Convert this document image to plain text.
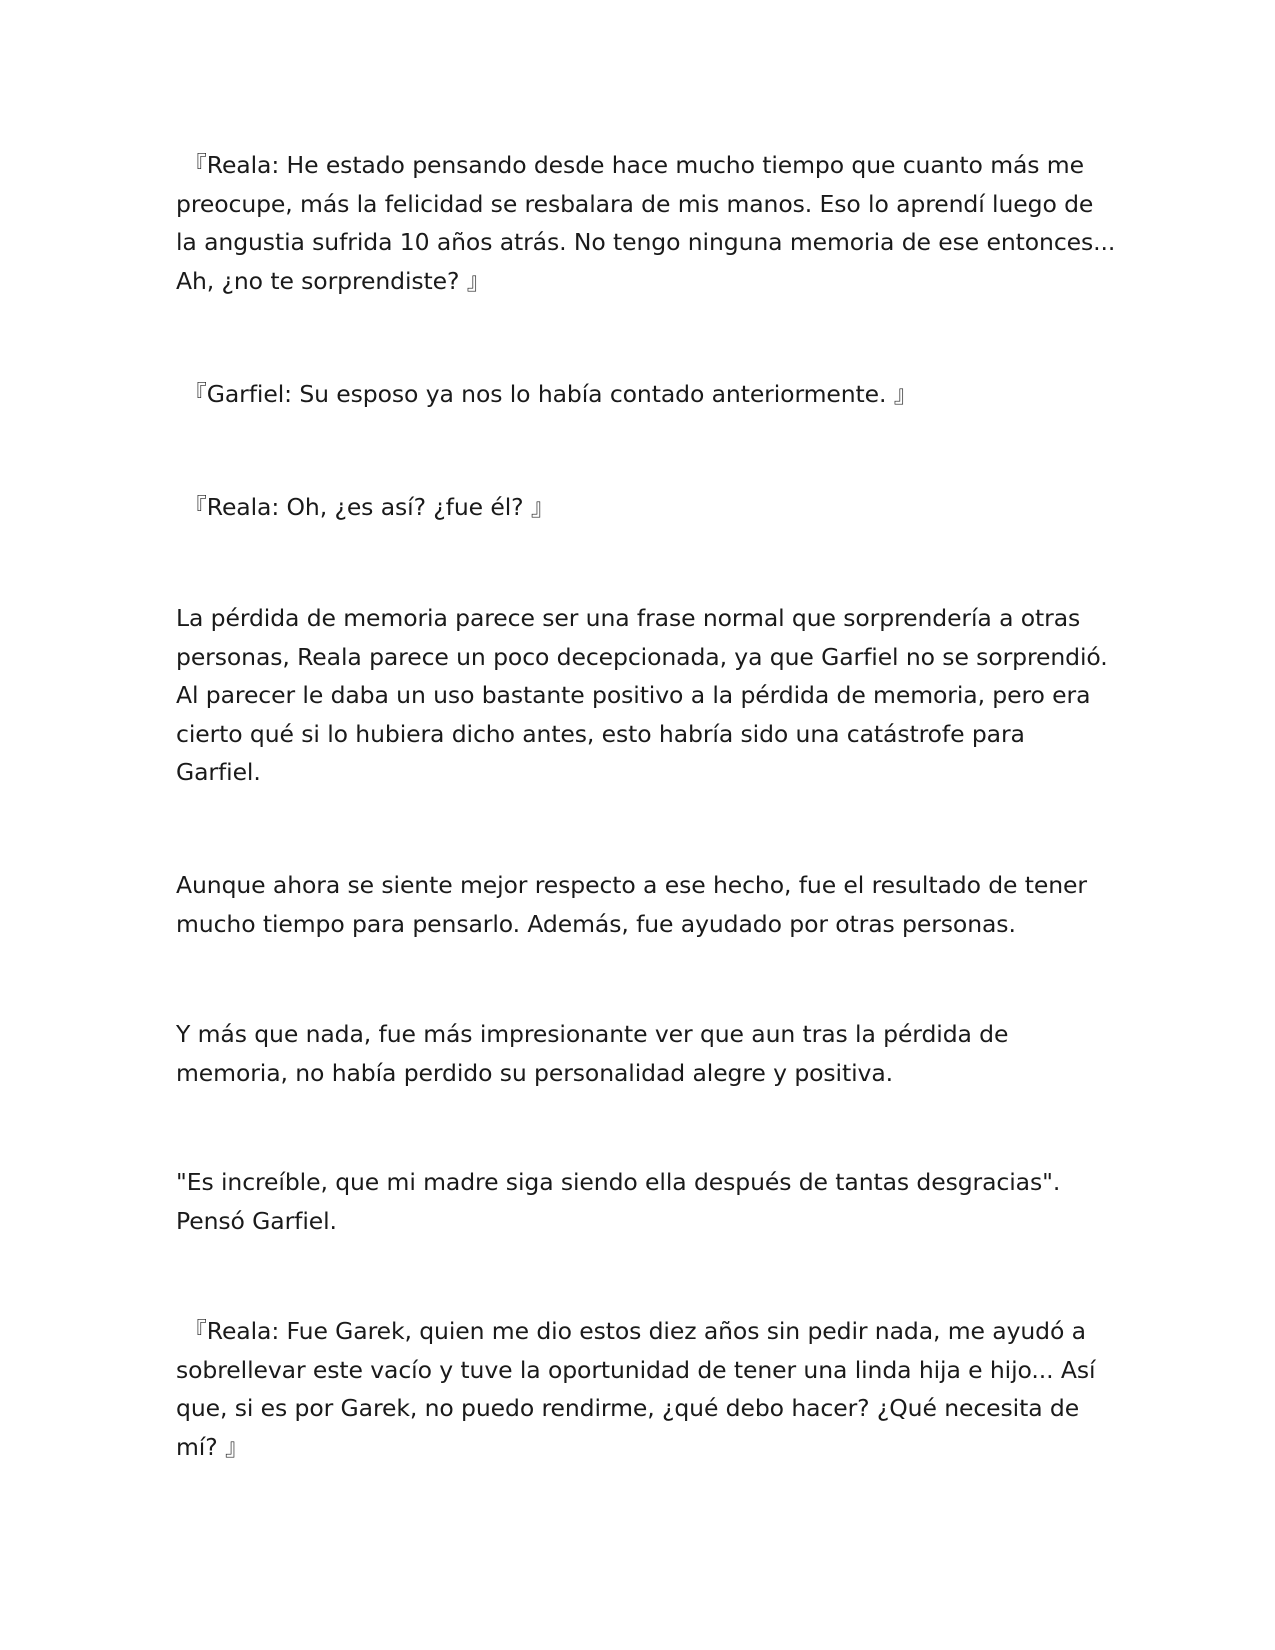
『Reala: He estado pensando desde hace mucho tiempo que cuanto más me preocupe, más la felicidad se resbalara de mis manos. Eso lo aprendí luego de la angustia sufrida 10 años atrás. No tengo ninguna memoria de ese entonces... Ah, ¿no te sorprendiste? 』

『Garfiel: Su esposo ya nos lo había contado anteriormente. 』

『Reala: Oh, ¿es así? ¿fue él? 』

La pérdida de memoria parece ser una frase normal que sorprendería a otras personas, Reala parece un poco decepcionada, ya que Garfiel no se sorprendió. Al parecer le daba un uso bastante positivo a la pérdida de memoria, pero era cierto qué si lo hubiera dicho antes, esto habría sido una catástrofe para Garfiel.

Aunque ahora se siente mejor respecto a ese hecho, fue el resultado de tener mucho tiempo para pensarlo. Además, fue ayudado por otras personas.

Y más que nada, fue más impresionante ver que aun tras la pérdida de memoria, no había perdido su personalidad alegre y positiva.

"Es increíble, que mi madre siga siendo ella después de tantas desgracias". Pensó Garfiel.

『Reala: Fue Garek, quien me dio estos diez años sin pedir nada, me ayudó a sobrellevar este vacío y tuve la oportunidad de tener una linda hija e hijo... Así que, si es por Garek, no puedo rendirme, ¿qué debo hacer? ¿Qué necesita de mí? 』
